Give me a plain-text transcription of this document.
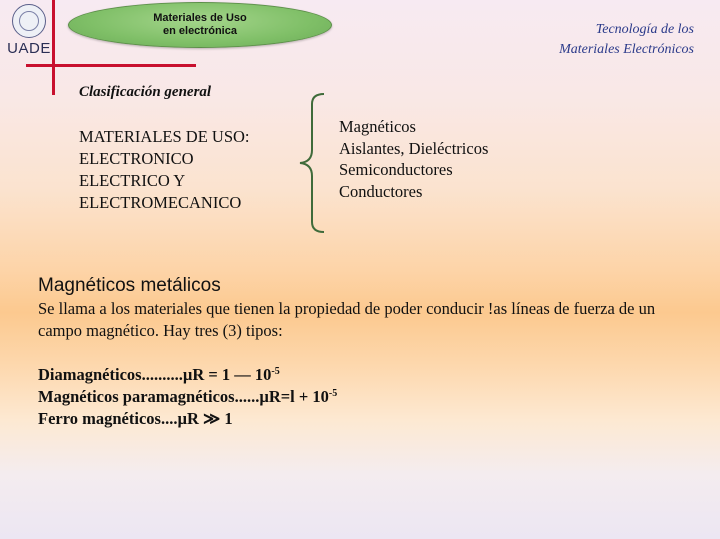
UADE
Materiales de Uso
en electrónica	Tecnología de los
Materiales Electrónicos
Clasificación general
MATERIALES DE USO:
ELECTRONICO
ELECTRICO Y
ELECTROMECANICO
Magnéticos
Aislantes, Dieléctricos
Semiconductores
Conductores
Magnéticos metálicos
Se llama a los materiales que tienen la propiedad de poder conducir !as líneas de fuerza de un campo magnético. Hay tres (3) tipos:
Diamagnéticos..........µR = 1 — $10^{-5}$
Magnéticos paramagnéticos......µR=l + $10^{-5}$
Ferro magnéticos....µR ≫ 1
